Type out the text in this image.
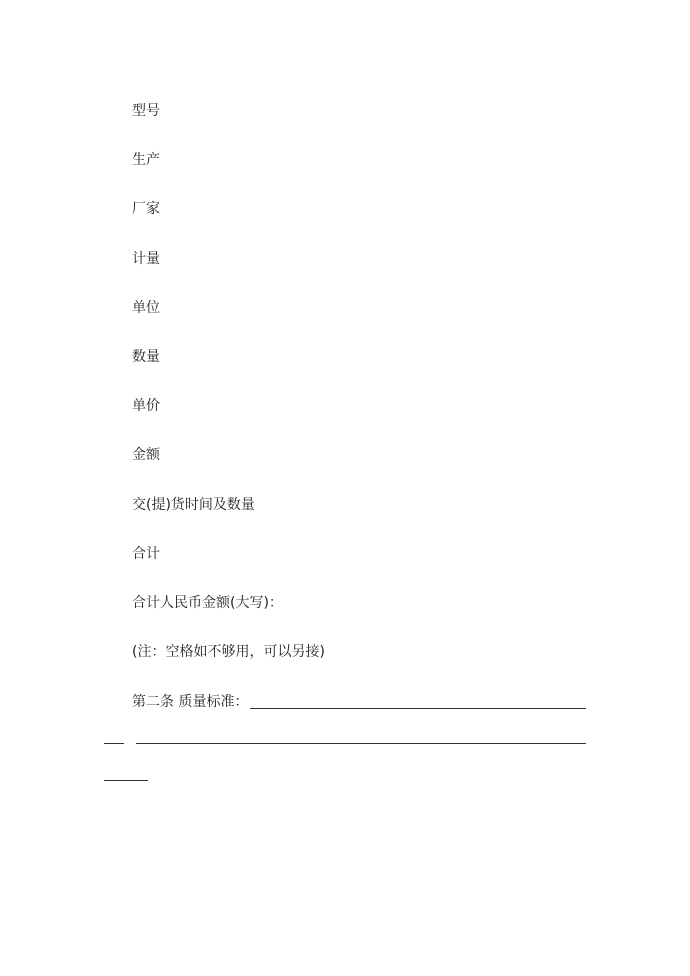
型号
生产
厂家
计量
单位
数量
单价
金额
交(提)货时间及数量
合计
合计人民币金额(大写)：
(注：空格如不够用，可以另接)
第二条 质量标准：
